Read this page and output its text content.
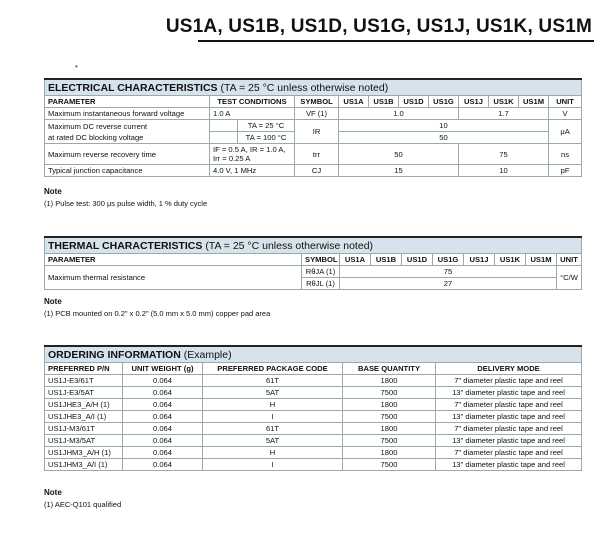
US1A, US1B, US1D, US1G, US1J, US1K, US1M
•
ELECTRICAL CHARACTERISTICS (TA = 25 °C unless otherwise noted)											
PARAMETER	TEST CONDITIONS		SYMBOL	US1A	US1B	US1D	US1G	US1J	US1K	US1M	UNIT
Maximum instantaneous forward voltage	1.0 A		VF (1)	1.0				1.7			V
Maximum DC reverse current
at rated DC blocking voltage		TA = 25 °C	IR	10							μA
		TA = 100 °C		50							
Maximum reverse recovery time	IF = 0.5 A, IR = 1.0 A,
Irr = 0.25 A		trr	50				75			ns
Typical junction capacitance	4.0 V, 1 MHz		CJ	15				10			pF
Note
(1) Pulse test: 300 μs pulse width, 1 % duty cycle
THERMAL CHARACTERISTICS (TA = 25 °C unless otherwise noted)									
PARAMETER	SYMBOL	US1A	US1B	US1D	US1G	US1J	US1K	US1M	UNIT
Maximum thermal resistance	RθJA (1)	75							°C/W
	RθJL (1)	27							
Note
(1) PCB mounted on 0.2" x 0.2" (5.0 mm x 5.0 mm) copper pad area
ORDERING INFORMATION (Example)				
PREFERRED P/N	UNIT WEIGHT (g)	PREFERRED PACKAGE CODE	BASE QUANTITY	DELIVERY MODE
US1J-E3/61T	0.064	61T	1800	7" diameter plastic tape and reel
US1J-E3/5AT	0.064	5AT	7500	13" diameter plastic tape and reel
US1JHE3_A/H (1)	0.064	H	1800	7" diameter plastic tape and reel
US1JHE3_A/I (1)	0.064	I	7500	13" diameter plastic tape and reel
US1J-M3/61T	0.064	61T	1800	7" diameter plastic tape and reel
US1J-M3/5AT	0.064	5AT	7500	13" diameter plastic tape and reel
US1JHM3_A/H (1)	0.064	H	1800	7" diameter plastic tape and reel
US1JHM3_A/I (1)	0.064	I	7500	13" diameter plastic tape and reel
Note
(1) AEC-Q101 qualified
